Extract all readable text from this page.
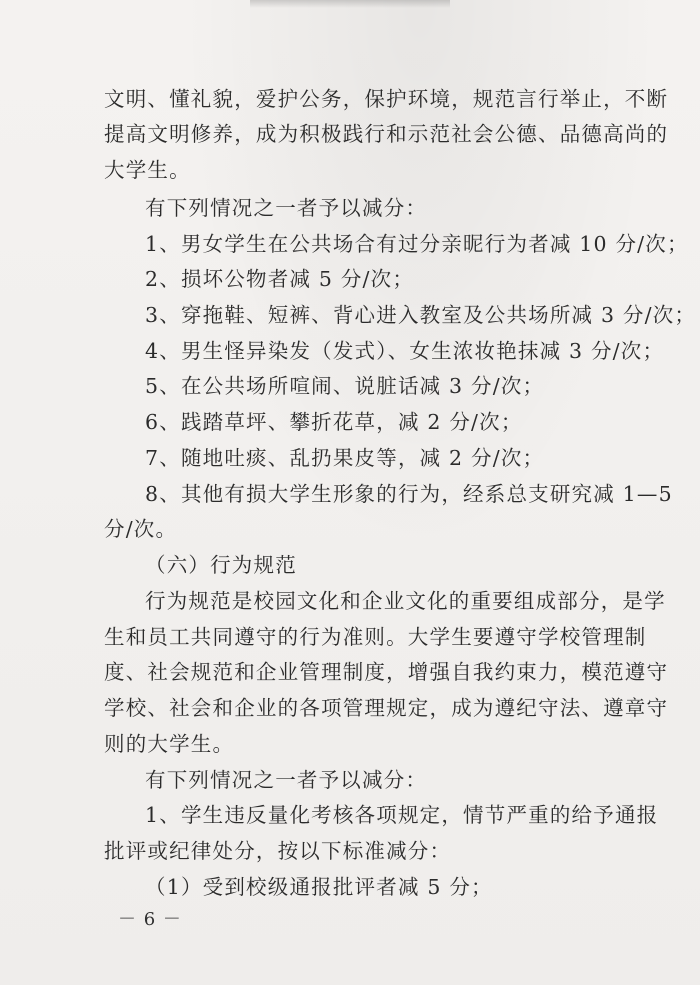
文明、懂礼貌，爱护公务，保护环境，规范言行举止，不断
提高文明修养，成为积极践行和示范社会公德、品德高尚的
大学生。
有下列情况之一者予以减分：
1、男女学生在公共场合有过分亲昵行为者减 10 分/次；
2、损坏公物者减 5 分/次；
3、穿拖鞋、短裤、背心进入教室及公共场所减 3 分/次；
4、男生怪异染发（发式）、女生浓妆艳抹减 3 分/次；
5、在公共场所喧闹、说脏话减 3 分/次；
6、践踏草坪、攀折花草，减 2 分/次；
7、随地吐痰、乱扔果皮等，减 2 分/次；
8、其他有损大学生形象的行为，经系总支研究减 1—5
分/次。
（六）行为规范
行为规范是校园文化和企业文化的重要组成部分，是学
生和员工共同遵守的行为准则。大学生要遵守学校管理制
度、社会规范和企业管理制度，增强自我约束力，模范遵守
学校、社会和企业的各项管理规定，成为遵纪守法、遵章守
则的大学生。
有下列情况之一者予以减分：
1、学生违反量化考核各项规定，情节严重的给予通报
批评或纪律处分，按以下标准减分：
（1）受到校级通报批评者减 5 分；
－ 6 －
